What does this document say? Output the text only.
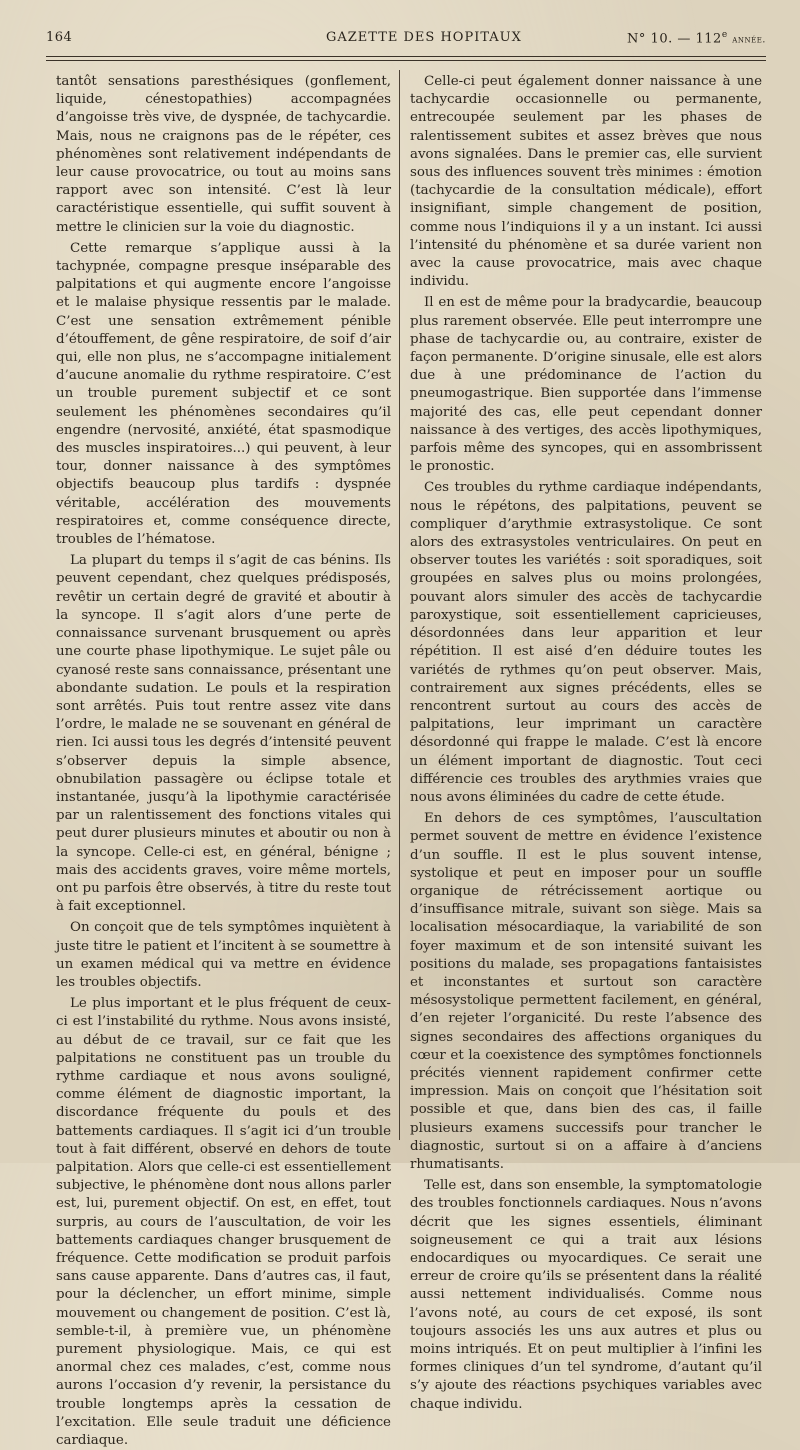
164	GAZETTE DES HOPITAUX	N° 10. — 112e année.

tantôt sensations paresthésiques (gonflement, liquide, cénestopathies) accompagnées d’angoisse très vive, de dyspnée, de tachycardie. Mais, nous ne craignons pas de le répéter, ces phénomènes sont relativement indépendants de leur cause provocatrice, ou tout au moins sans rapport avec son intensité. C’est là leur caractéristique essentielle, qui suffit souvent à mettre le clinicien sur la voie du diagnostic.

Cette remarque s’applique aussi à la tachypnée, compagne presque inséparable des palpitations et qui augmente encore l’angoisse et le malaise physique ressentis par le malade. C’est une sensation extrêmement pénible d’étouffement, de gêne respiratoire, de soif d’air qui, elle non plus, ne s’accompagne initialement d’aucune anomalie du rythme respiratoire. C’est un trouble purement subjectif et ce sont seulement les phénomènes secondaires qu’il engendre (nervosité, anxiété, état spasmodique des muscles inspiratoires...) qui peuvent, à leur tour, donner naissance à des symptômes objectifs beaucoup plus tardifs : dyspnée véritable, accélération des mouvements respiratoires et, comme conséquence directe, troubles de l’hématose.

La plupart du temps il s’agit de cas bénins. Ils peuvent cependant, chez quelques prédisposés, revêtir un certain degré de gravité et aboutir à la syncope. Il s’agit alors d’une perte de connaissance survenant brusquement ou après une courte phase lipothymique. Le sujet pâle ou cyanosé reste sans connaissance, présentant une abondante sudation. Le pouls et la respiration sont arrêtés. Puis tout rentre assez vite dans l’ordre, le malade ne se souvenant en général de rien. Ici aussi tous les degrés d’intensité peuvent s’observer depuis la simple absence, obnubilation passagère ou éclipse totale et instantanée, jusqu’à la lipothymie caractérisée par un ralentissement des fonctions vitales qui peut durer plusieurs minutes et aboutir ou non à la syncope. Celle-ci est, en général, bénigne ; mais des accidents graves, voire même mortels, ont pu parfois être observés, à titre du reste tout à fait exceptionnel.

On conçoit que de tels symptômes inquiètent à juste titre le patient et l’incitent à se soumettre à un examen médical qui va mettre en évidence les troubles objectifs.

Le plus important et le plus fréquent de ceux-ci est l’instabilité du rythme. Nous avons insisté, au début de ce travail, sur ce fait que les palpitations ne constituent pas un trouble du rythme cardiaque et nous avons souligné, comme élément de diagnostic important, la discordance fréquente du pouls et des battements cardiaques. Il s’agit ici d’un trouble tout à fait différent, observé en dehors de toute palpitation. Alors que celle-ci est essentiellement subjective, le phénomène dont nous allons parler est, lui, purement objectif. On est, en effet, tout surpris, au cours de l’auscultation, de voir les battements cardiaques changer brusquement de fréquence. Cette modification se produit parfois sans cause apparente. Dans d’autres cas, il faut, pour la déclencher, un effort minime, simple mouvement ou changement de position. C’est là, semble-t-il, à première vue, un phénomène purement physiologique. Mais, ce qui est anormal chez ces malades, c’est, comme nous aurons l’occasion d’y revenir, la persistance du trouble longtemps après la cessation de l’excitation. Elle seule traduit une déficience cardiaque.

Celle-ci peut également donner naissance à une tachycardie occasionnelle ou permanente, entrecoupée seulement par les phases de ralentissement subites et assez brèves que nous avons signalées. Dans le premier cas, elle survient sous des influences souvent très minimes : émotion (tachycardie de la consultation médicale), effort insignifiant, simple changement de position, comme nous l’indiquions il y a un instant. Ici aussi l’intensité du phénomène et sa durée varient non avec la cause provocatrice, mais avec chaque individu.

Il en est de même pour la bradycardie, beaucoup plus rarement observée. Elle peut interrompre une phase de tachycardie ou, au contraire, exister de façon permanente. D’origine sinusale, elle est alors due à une prédominance de l’action du pneumogastrique. Bien supportée dans l’immense majorité des cas, elle peut cependant donner naissance à des vertiges, des accès lipothymiques, parfois même des syncopes, qui en assombrissent le pronostic.

Ces troubles du rythme cardiaque indépendants, nous le répétons, des palpitations, peuvent se compliquer d’arythmie extrasystolique. Ce sont alors des extrasystoles ventriculaires. On peut en observer toutes les variétés : soit sporadiques, soit groupées en salves plus ou moins prolongées, pouvant alors simuler des accès de tachycardie paroxystique, soit essentiellement capricieuses, désordonnées dans leur apparition et leur répétition. Il est aisé d’en déduire toutes les variétés de rythmes qu’on peut observer. Mais, contrairement aux signes précédents, elles se rencontrent surtout au cours des accès de palpitations, leur imprimant un caractère désordonné qui frappe le malade. C’est là encore un élément important de diagnostic. Tout ceci différencie ces troubles des arythmies vraies que nous avons éliminées du cadre de cette étude.

En dehors de ces symptômes, l’auscultation permet souvent de mettre en évidence l’existence d’un souffle. Il est le plus souvent intense, systolique et peut en imposer pour un souffle organique de rétrécissement aortique ou d’insuffisance mitrale, suivant son siège. Mais sa localisation mésocardiaque, la variabilité de son foyer maximum et de son intensité suivant les positions du malade, ses propagations fantaisistes et inconstantes et surtout son caractère mésosystolique permettent facilement, en général, d’en rejeter l’organicité. Du reste l’absence des signes secondaires des affections organiques du cœur et la coexistence des symptômes fonctionnels précités viennent rapidement confirmer cette impression. Mais on conçoit que l’hésitation soit possible et que, dans bien des cas, il faille plusieurs examens successifs pour trancher le diagnostic, surtout si on a affaire à d’anciens rhumatisants.

Telle est, dans son ensemble, la symptomatologie des troubles fonctionnels cardiaques. Nous n’avons décrit que les signes essentiels, éliminant soigneusement ce qui a trait aux lésions endocardiques ou myocardiques. Ce serait une erreur de croire qu’ils se présentent dans la réalité aussi nettement individualisés. Comme nous l’avons noté, au cours de cet exposé, ils sont toujours associés les uns aux autres et plus ou moins intriqués. Et on peut multiplier à l’infini les formes cliniques d’un tel syndrome, d’autant qu’il s’y ajoute des réactions psychiques variables avec chaque individu.
